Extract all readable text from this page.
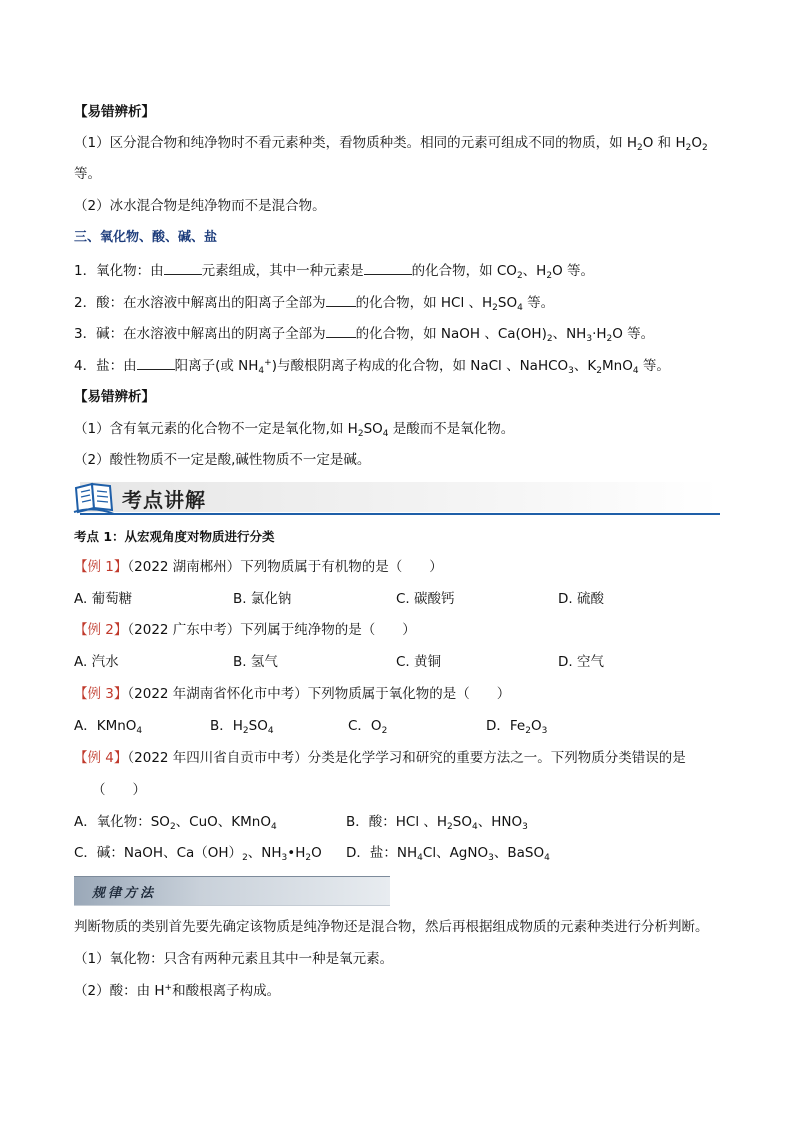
【易错辨析】
（1）区分混合物和纯净物时不看元素种类，看物质种类。相同的元素可组成不同的物质，如 $H_2O$ 和 $H_2O_2$
等。
（2）冰水混合物是纯净物而不是混合物。
三、氧化物、酸、碱、盐
1．氧化物：由	元素组成，其中一种元素是	的化合物，如 $CO_2$、$H_2O$ 等。
2．酸：在水溶液中解离出的阳离子全部为 的化合物，如 HCl 、$H_2SO_4$ 等。
3．碱：在水溶液中解离出的阴离子全部为 的化合物，如 NaOH 、$Ca(OH)_2$、$NH_3\cdot H_2O$ 等。
4．盐：由	阳离子(或 $NH_4^+$)与酸根阴离子构成的化合物，如 NaCl 、NaHCO$_3$、$K_2MnO_4$ 等。
【易错辨析】
（1）含有氧元素的化合物不一定是氧化物,如 $H_2SO_4$ 是酸而不是氧化物。
（2）酸性物质不一定是酸,碱性物质不一定是碱。
考点讲解
考点 1：从宏观角度对物质进行分类
【例 1】（2022 湖南郴州）下列物质属于有机物的是（　　）
A. 葡萄糖	B. 氯化钠	C. 碳酸钙	D. 硫酸
【例 2】（2022 广东中考）下列属于纯净物的是（　　）
A. 汽水	B. 氢气	C. 黄铜	D. 空气
【例 3】（2022 年湖南省怀化市中考）下列物质属于氧化物的是（　　）
A．KMnO$_4$	B．$H_2SO_4$	C．$O_2$	D．$Fe_2O_3$
【例 4】（2022 年四川省自贡市中考）分类是化学学习和研究的重要方法之一。下列物质分类错误的是
（　　）
A．氧化物：$SO_2$、CuO、KMnO$_4$	B．酸：HCl 、$H_2SO_4$、$HNO_3$
C．碱：NaOH、$Ca(OH)_2$、$NH_3•H_2O$ D．盐：$NH_4Cl$、AgNO$_3$、BaSO$_4$
规律方法
判断物质的类别首先要先确定该物质是纯净物还是混合物，然后再根据组成物质的元素种类进行分析判断。
（1）氧化物：只含有两种元素且其中一种是氧元素。
（2）酸：由 H+和酸根离子构成。
